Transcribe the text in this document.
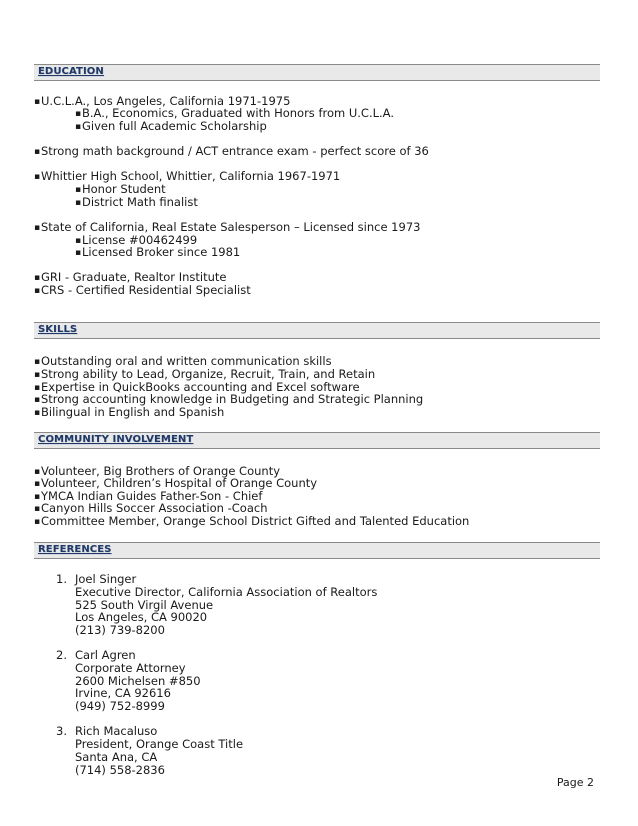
EDUCATION
▪ U.C.L.A., Los Angeles, California 1971-1975
▪ B.A., Economics, Graduated with Honors from U.C.L.A.
▪ Given full Academic Scholarship
▪ Strong math background / ACT entrance exam - perfect score of 36
▪ Whittier High School, Whittier, California 1967-1971
▪ Honor Student
▪ District Math finalist
▪ State of California, Real Estate Salesperson – Licensed since 1973
▪ License #00462499
▪ Licensed Broker since 1981
▪ GRI - Graduate, Realtor Institute
▪ CRS - Certified Residential Specialist
SKILLS
▪ Outstanding oral and written communication skills
▪ Strong ability to Lead, Organize, Recruit, Train, and Retain
▪ Expertise in QuickBooks accounting and Excel software
▪ Strong accounting knowledge in Budgeting and Strategic Planning
▪ Bilingual in English and Spanish
COMMUNITY INVOLVEMENT
▪ Volunteer, Big Brothers of Orange County
▪ Volunteer, Children’s Hospital of Orange County
▪ YMCA Indian Guides Father-Son - Chief
▪ Canyon Hills Soccer Association -Coach
▪ Committee Member, Orange School District Gifted and Talented Education
REFERENCES
1. Joel Singer
Executive Director, California Association of Realtors
525 South Virgil Avenue
Los Angeles, CA 90020
(213) 739-8200
2. Carl Agren
Corporate Attorney
2600 Michelsen #850
Irvine, CA 92616
(949) 752-8999
3. Rich Macaluso
President, Orange Coast Title
Santa Ana, CA
(714) 558-2836
Page 2
